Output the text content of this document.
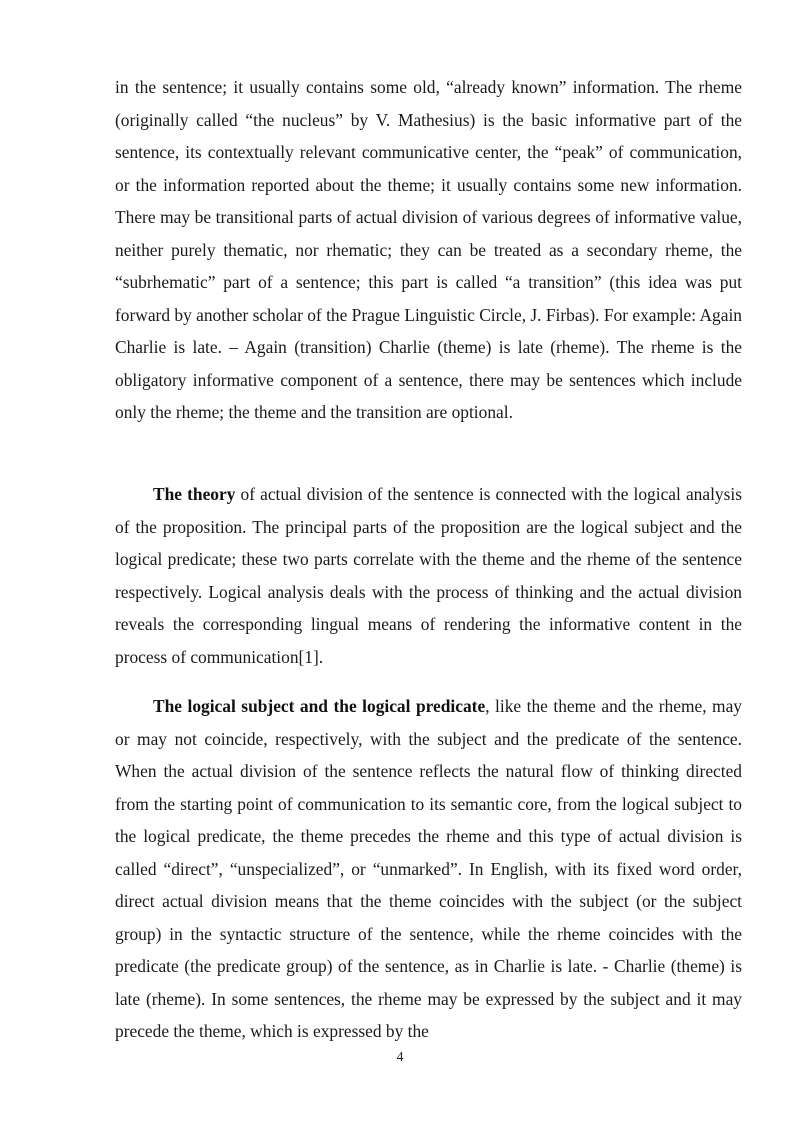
in the sentence; it usually contains some old, “already known” information. The rheme (originally called “the nucleus” by V. Mathesius) is the basic informative part of the sentence, its contextually relevant communicative center, the “peak” of communication, or the information reported about the theme; it usually contains some new information. There may be transitional parts of actual division of various degrees of informative value, neither purely thematic, nor rhematic; they can be treated as a secondary rheme, the “subrhematic” part of a sentence; this part is called “a transition” (this idea was put forward by another scholar of the Prague Linguistic Circle, J. Firbas). For example: Again Charlie is late. – Again (transition) Charlie (theme) is late (rheme). The rheme is the obligatory informative component of a sentence, there may be sentences which include only the rheme; the theme and the transition are optional.

The theory of actual division of the sentence is connected with the logical analysis of the proposition. The principal parts of the proposition are the logical subject and the logical predicate; these two parts correlate with the theme and the rheme of the sentence respectively. Logical analysis deals with the process of thinking and the actual division reveals the corresponding lingual means of rendering the informative content in the process of communication[1].

The logical subject and the logical predicate, like the theme and the rheme, may or may not coincide, respectively, with the subject and the predicate of the sentence. When the actual division of the sentence reflects the natural flow of thinking directed from the starting point of communication to its semantic core, from the logical subject to the logical predicate, the theme precedes the rheme and this type of actual division is called “direct”, “unspecialized”, or “unmarked”. In English, with its fixed word order, direct actual division means that the theme coincides with the subject (or the subject group) in the syntactic structure of the sentence, while the rheme coincides with the predicate (the predicate group) of the sentence, as in Charlie is late. - Charlie (theme) is late (rheme). In some sentences, the rheme may be expressed by the subject and it may precede the theme, which is expressed by the

4
